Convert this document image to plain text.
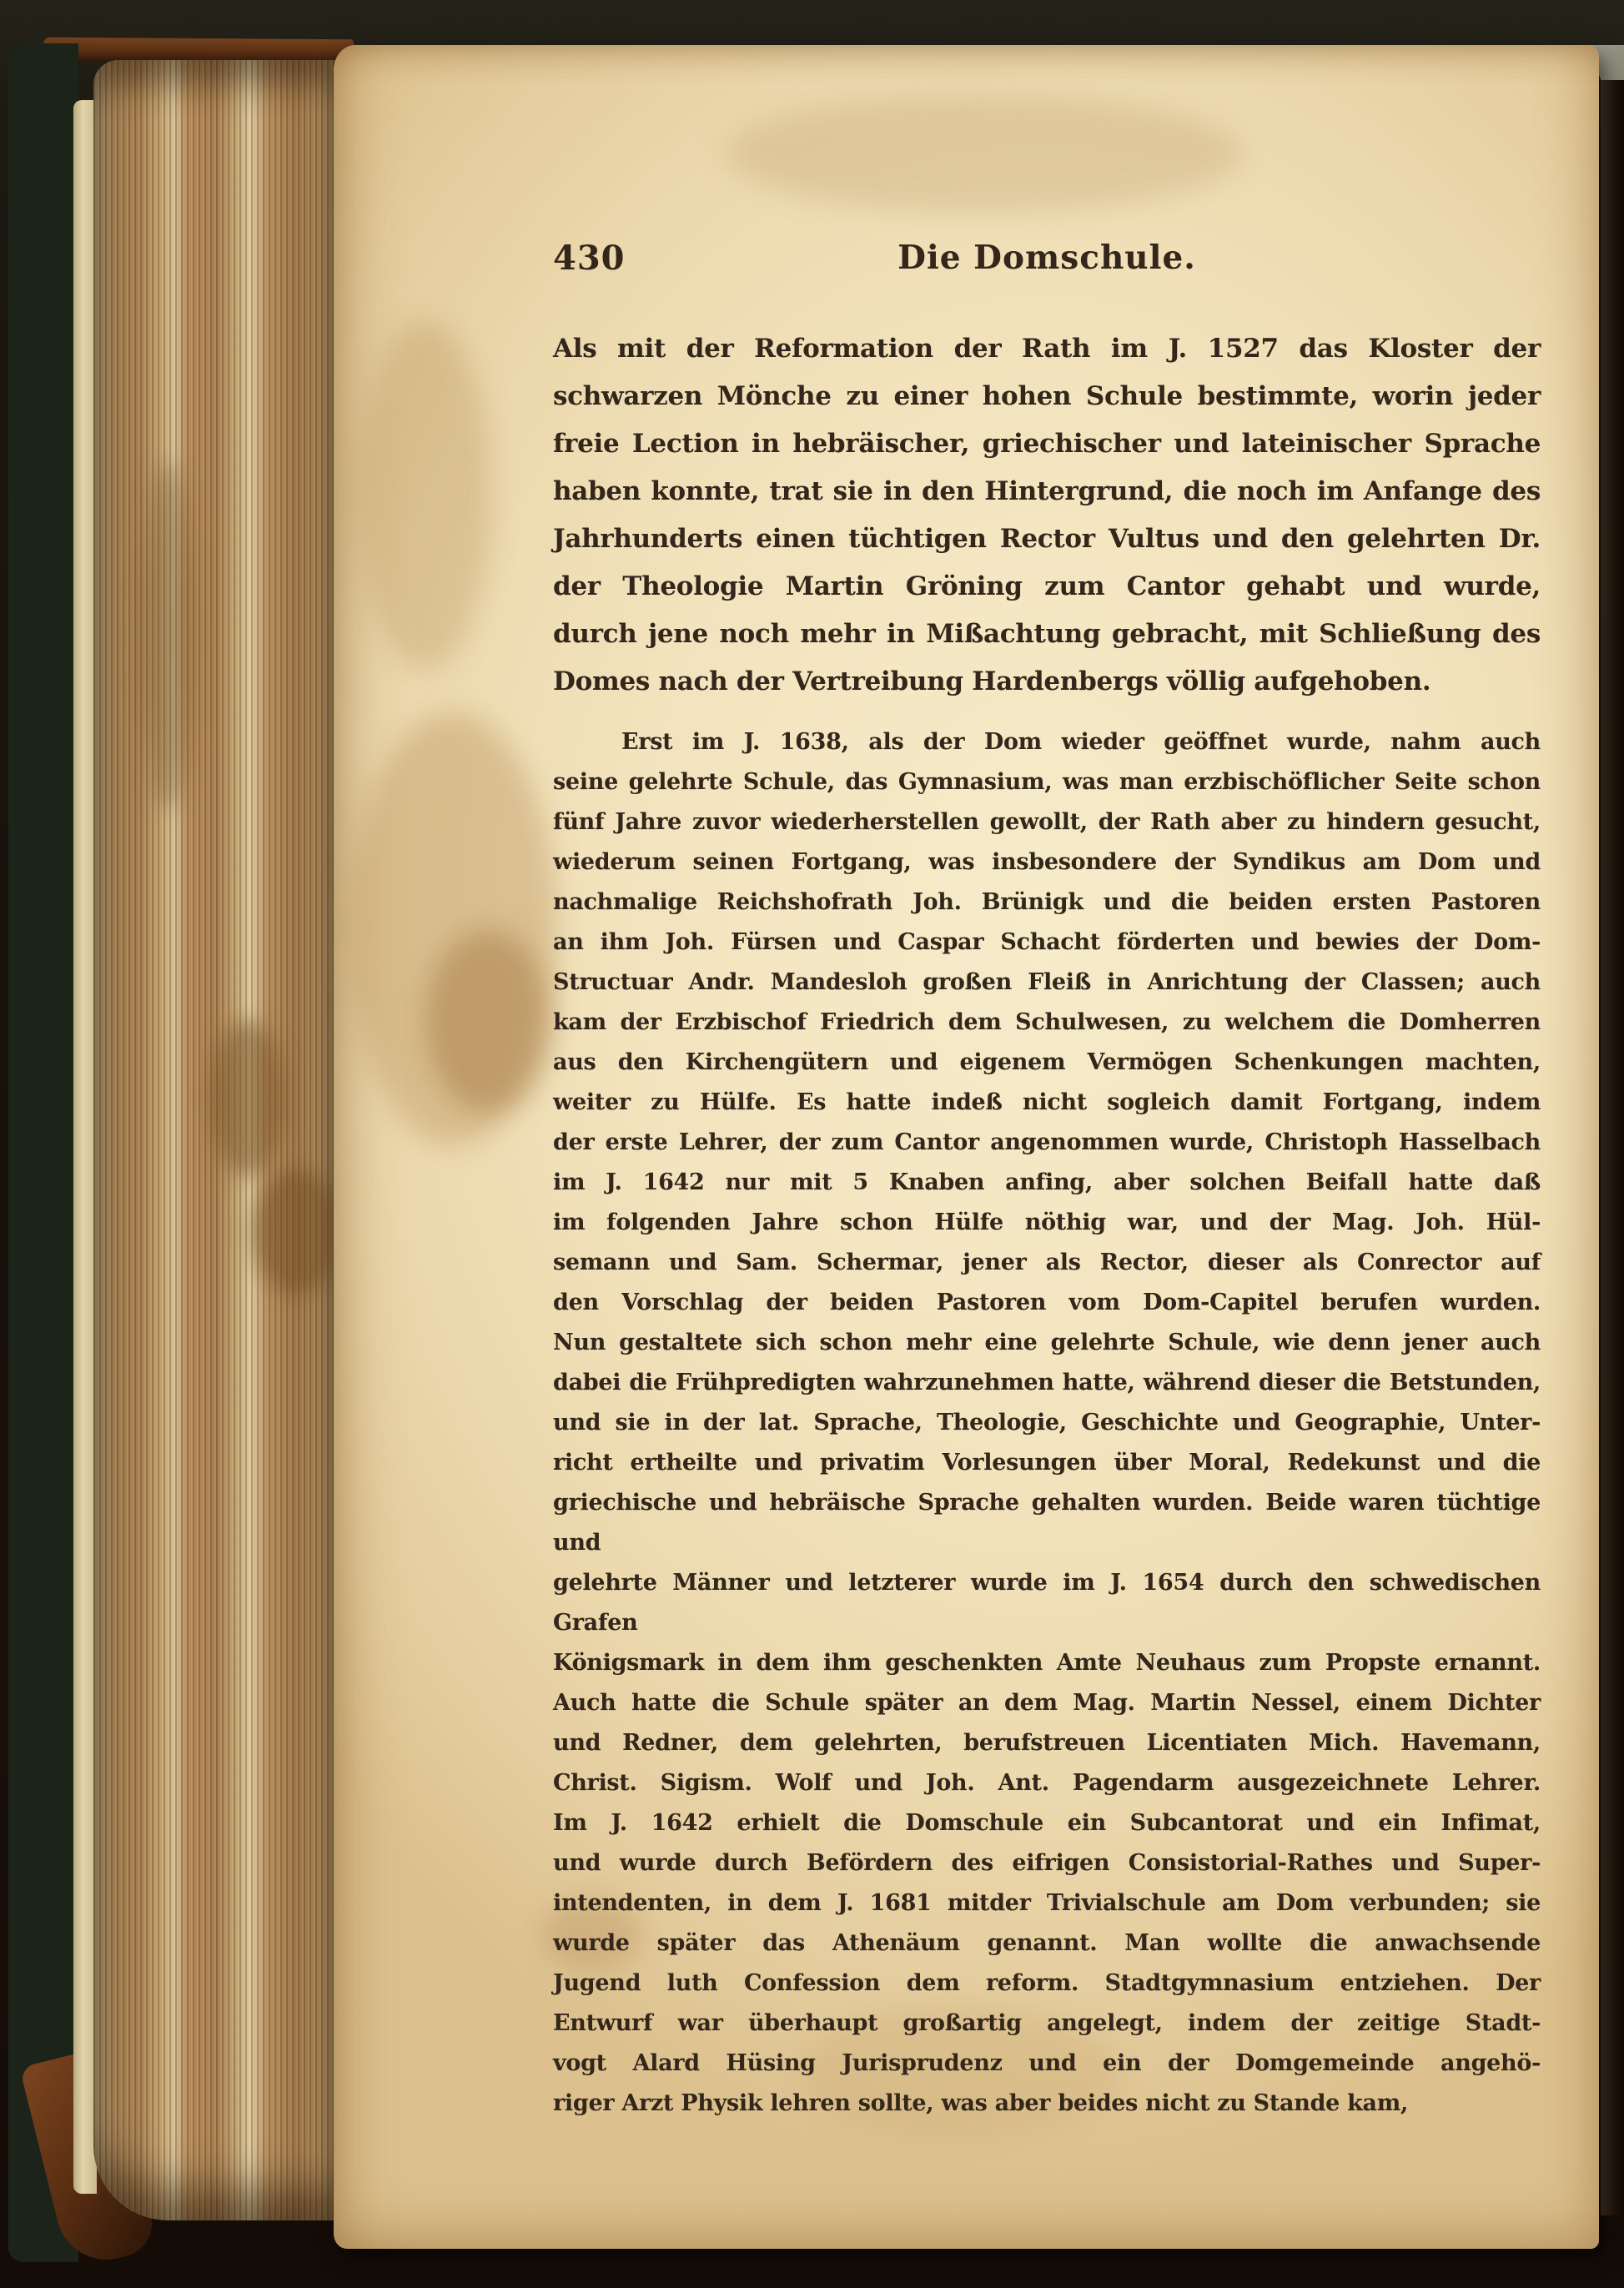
430	Die Domschule.
Als mit der Reformation der Rath im J. 1527 das Kloster der
schwarzen Mönche zu einer hohen Schule bestimmte, worin jeder
freie Lection in hebräischer, griechischer und lateinischer Sprache
haben konnte, trat sie in den Hintergrund, die noch im Anfange des
Jahrhunderts einen tüchtigen Rector Vultus und den gelehrten Dr.
der Theologie Martin Gröning zum Cantor gehabt und wurde,
durch jene noch mehr in Mißachtung gebracht, mit Schließung des
Domes nach der Vertreibung Hardenbergs völlig aufgehoben.
Erst im J. 1638, als der Dom wieder geöffnet wurde, nahm auch
seine gelehrte Schule, das Gymnasium, was man erzbischöflicher Seite schon
fünf Jahre zuvor wiederherstellen gewollt, der Rath aber zu hindern gesucht,
wiederum seinen Fortgang, was insbesondere der Syndikus am Dom und
nachmalige Reichshofrath Joh. Brünigk und die beiden ersten Pastoren
an ihm Joh. Fürsen und Caspar Schacht förderten und bewies der Dom-
Structuar Andr. Mandesloh großen Fleiß in Anrichtung der Classen; auch
kam der Erzbischof Friedrich dem Schulwesen, zu welchem die Domherren
aus den Kirchengütern und eigenem Vermögen Schenkungen machten,
weiter zu Hülfe. Es hatte indeß nicht sogleich damit Fortgang, indem
der erste Lehrer, der zum Cantor angenommen wurde, Christoph Hasselbach
im J. 1642 nur mit 5 Knaben anfing, aber solchen Beifall hatte daß
im folgenden Jahre schon Hülfe nöthig war, und der Mag. Joh. Hül-
semann und Sam. Schermar, jener als Rector, dieser als Conrector auf
den Vorschlag der beiden Pastoren vom Dom-Capitel berufen wurden.
Nun gestaltete sich schon mehr eine gelehrte Schule, wie denn jener auch
dabei die Frühpredigten wahrzunehmen hatte, während dieser die Betstunden,
und sie in der lat. Sprache, Theologie, Geschichte und Geographie, Unter-
richt ertheilte und privatim Vorlesungen über Moral, Redekunst und die
griechische und hebräische Sprache gehalten wurden. Beide waren tüchtige und
gelehrte Männer und letzterer wurde im J. 1654 durch den schwedischen Grafen
Königsmark in dem ihm geschenkten Amte Neuhaus zum Propste ernannt.
Auch hatte die Schule später an dem Mag. Martin Nessel, einem Dichter
und Redner, dem gelehrten, berufstreuen Licentiaten Mich. Havemann,
Christ. Sigism. Wolf und Joh. Ant. Pagendarm ausgezeichnete Lehrer.
Im J. 1642 erhielt die Domschule ein Subcantorat und ein Infimat,
und wurde durch Befördern des eifrigen Consistorial-Rathes und Super-
intendenten, in dem J. 1681 mitder Trivialschule am Dom verbunden; sie
wurde später das Athenäum genannt. Man wollte die anwachsende
Jugend luth Confession dem reform. Stadtgymnasium entziehen. Der
Entwurf war überhaupt großartig angelegt, indem der zeitige Stadt-
vogt Alard Hüsing Jurisprudenz und ein der Domgemeinde angehö-
riger Arzt Physik lehren sollte, was aber beides nicht zu Stande kam,
